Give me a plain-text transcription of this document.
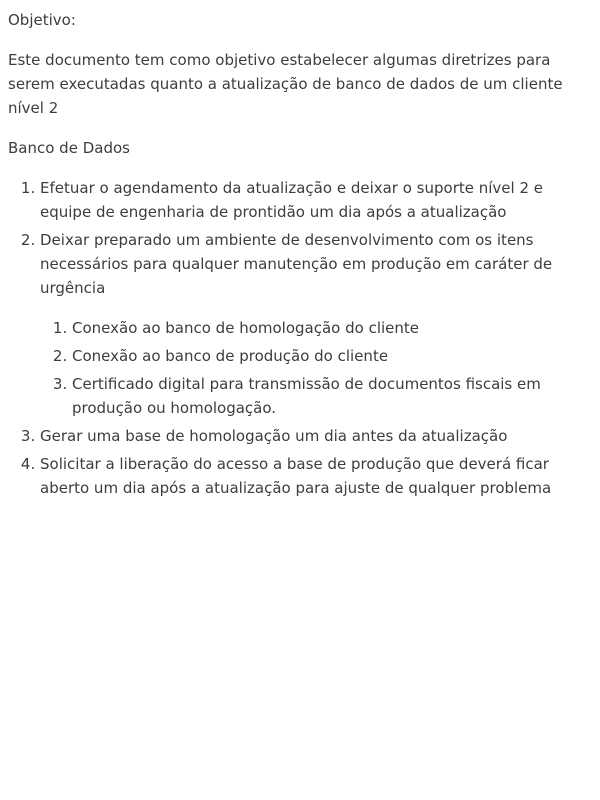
Objetivo:

Este documento tem como objetivo estabelecer algumas diretrizes para serem executadas quanto a atualização de banco de dados de um cliente nível 2

Banco de Dados

1. Efetuar o agendamento da atualização e deixar o suporte nível 2 e equipe de engenharia de prontidão um dia após a atualização
2. Deixar preparado um ambiente de desenvolvimento com os itens necessários para qualquer manutenção em produção em caráter de urgência
1. Conexão ao banco de homologação do cliente
2. Conexão ao banco de produção do cliente
3. Certificado digital para transmissão de documentos fiscais em produção ou homologação.
3. Gerar uma base de homologação um dia antes da atualização
4. Solicitar a liberação do acesso a base de produção que deverá ficar aberto um dia após a atualização para ajuste de qualquer problema
